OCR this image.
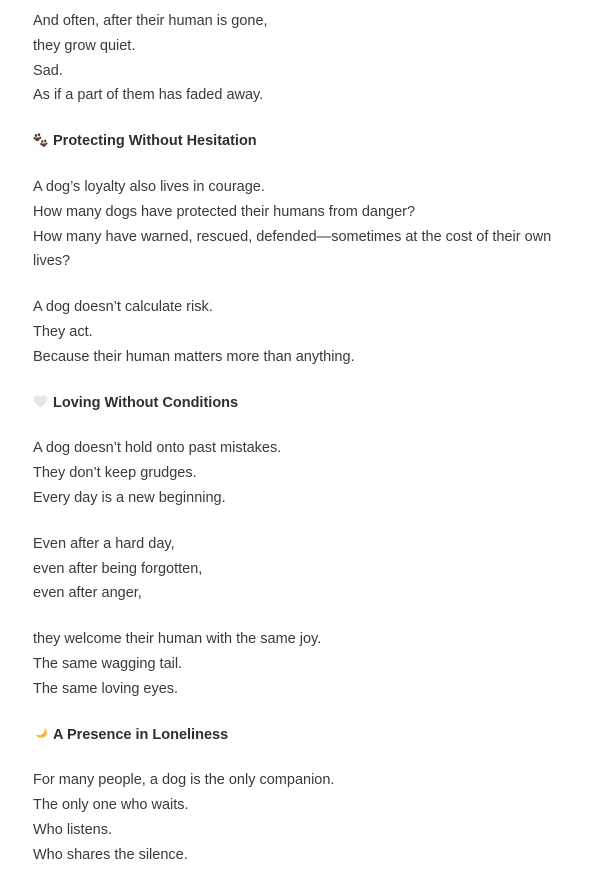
And often, after their human is gone,
they grow quiet.
Sad.
As if a part of them has faded away.
Protecting Without Hesitation
A dog’s loyalty also lives in courage.
How many dogs have protected their humans from danger?
How many have warned, rescued, defended—sometimes at the cost of their own
lives?
A dog doesn’t calculate risk.
They act.
Because their human matters more than anything.
Loving Without Conditions
A dog doesn’t hold onto past mistakes.
They don’t keep grudges.
Every day is a new beginning.
Even after a hard day,
even after being forgotten,
even after anger,
they welcome their human with the same joy.
The same wagging tail.
The same loving eyes.
A Presence in Loneliness
For many people, a dog is the only companion.
The only one who waits.
Who listens.
Who shares the silence.
